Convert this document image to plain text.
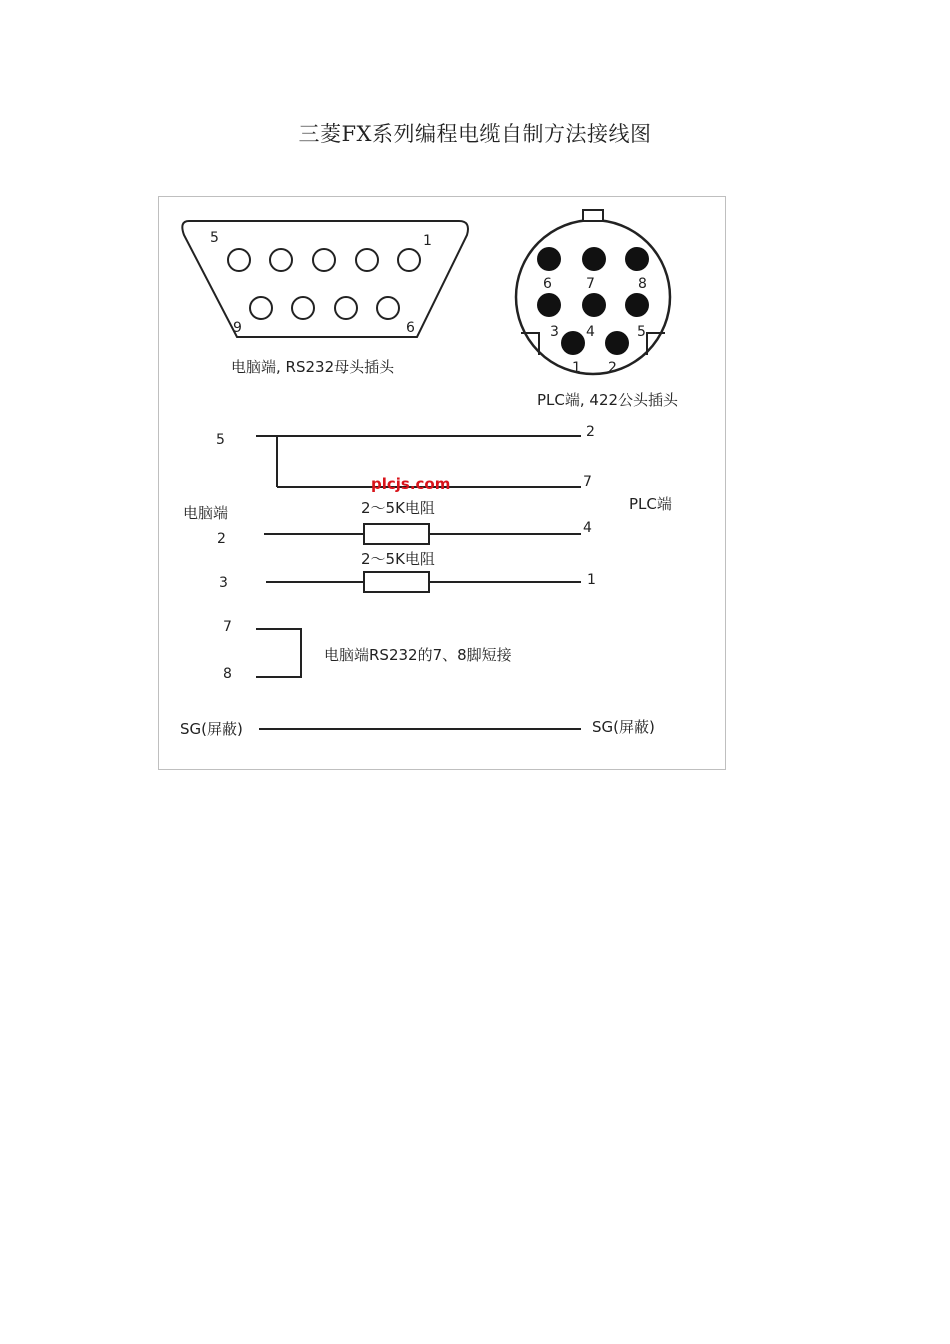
三菱FX系列编程电缆自制方法接线图
5	1
9	6
电脑端, RS232母头插头
6 7	8
3 4	5
1 2
PLC端, 422公头插头
5	2
7
plcjs.com
电脑端	PLC端
2～5K电阻
2
4
2～5K电阻
3	1
7
8
电脑端RS232的7、8脚短接
SG(屏蔽)	SG(屏蔽)
